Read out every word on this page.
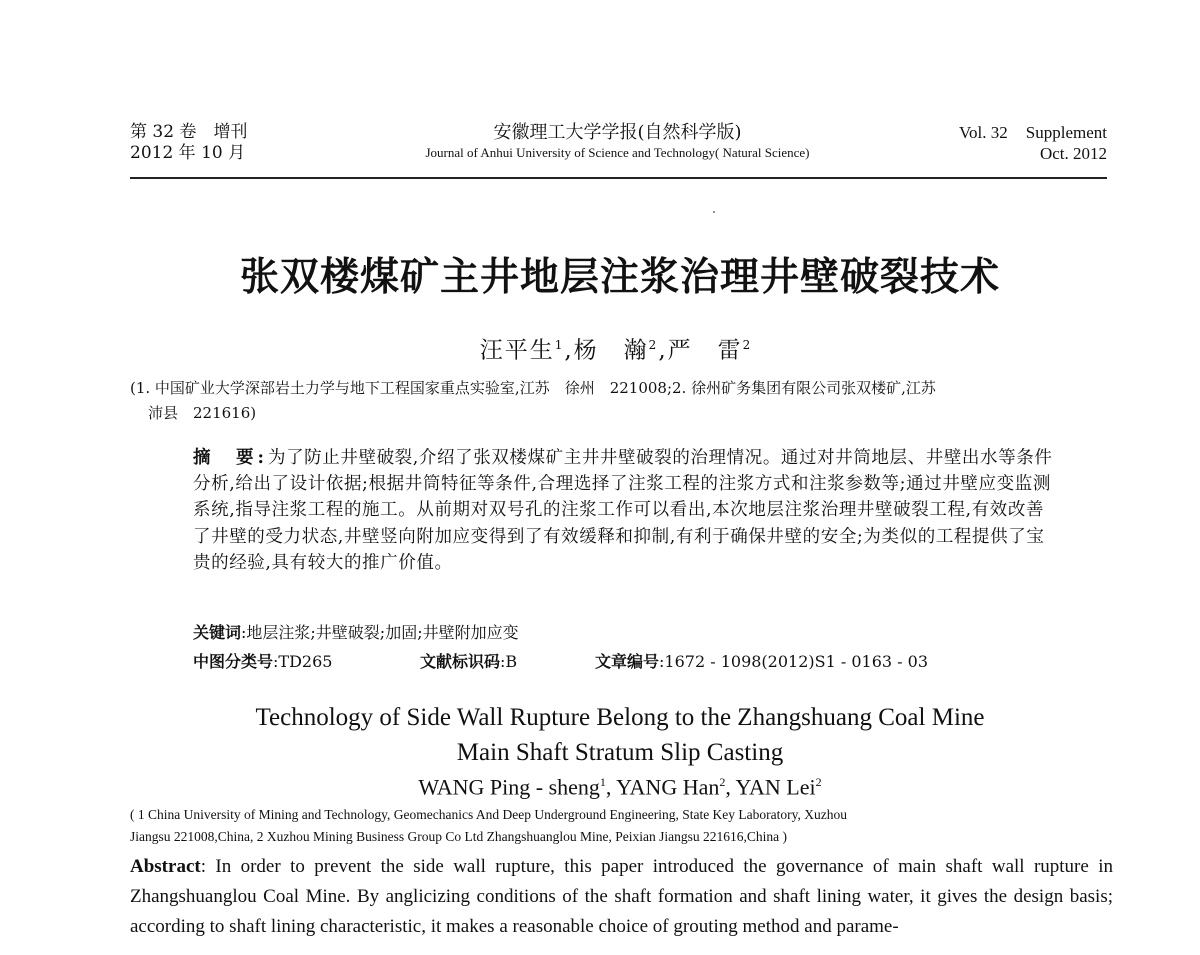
第 32 卷　增刊
2012 年 10 月
安徽理工大学学报(自然科学版)
Journal of Anhui University of Science and Technology( Natural Science)
Vol. 32 Supplement
Oct. 2012
张双楼煤矿主井地层注浆治理井壁破裂技术
汪平生$^1$,杨　瀚$^2$,严　雷$^2$
(1. 中国矿业大学深部岩土力学与地下工程国家重点实验室,江苏　徐州　221008;2. 徐州矿务集团有限公司张双楼矿,江苏
沛县　221616)
摘　要:为了防止井壁破裂,介绍了张双楼煤矿主井井壁破裂的治理情况。通过对井筒地层、井壁出水等条件分析,给出了设计依据;根据井筒特征等条件,合理选择了注浆工程的注浆方式和注浆参数等;通过井壁应变监测系统,指导注浆工程的施工。从前期对双号孔的注浆工作可以看出,本次地层注浆治理井壁破裂工程,有效改善了井壁的受力状态,井壁竖向附加应变得到了有效缓释和抑制,有利于确保井壁的安全;为类似的工程提供了宝贵的经验,具有较大的推广价值。
关键词:地层注浆;井壁破裂;加固;井壁附加应变
中图分类号:TD265	文献标识码:B	文章编号:1672 - 1098(2012)S1 - 0163 - 03
Technology of Side Wall Rupture Belong to the Zhangshuang Coal Mine
Main Shaft Stratum Slip Casting
WANG Ping - sheng$^1$, YANG Han$^2$, YAN Lei$^2$
( 1 China University of Mining and Technology, Geomechanics And Deep Underground Engineering, State Key Laboratory, Xuzhou
Jiangsu 221008,China, 2 Xuzhou Mining Business Group Co Ltd Zhangshuanglou Mine, Peixian Jiangsu 221616,China )
Abstract: In order to prevent the side wall rupture, this paper introduced the governance of main shaft wall rupture in Zhangshuanglou Coal Mine. By anglicizing conditions of the shaft formation and shaft lining water, it gives the design basis; according to shaft lining characteristic, it makes a reasonable choice of grouting method and parame-
